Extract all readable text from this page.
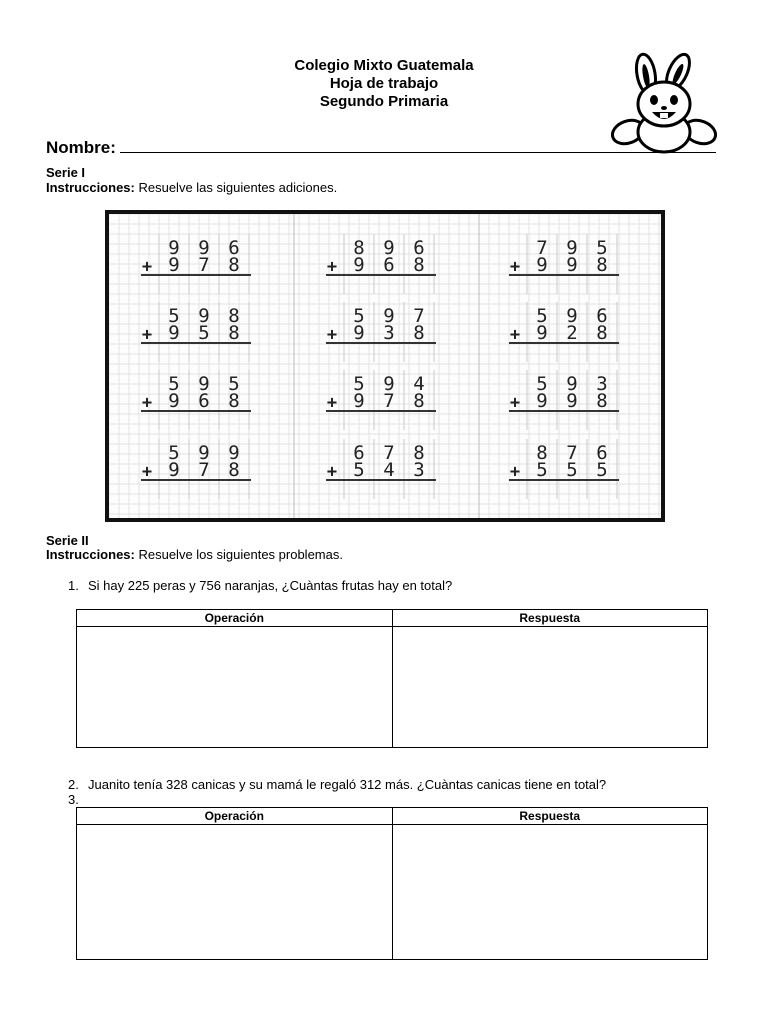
Colegio Mixto Guatemala
Hoja de trabajo
Segundo Primaria
Nombre:
Serie I
Instrucciones: Resuelve las siguientes adiciones.
9 9 6
+ 9 7 8
8 9 6
+ 9 6 8
7 9 5
+ 9 9 8
5 9 8
+ 9 5 8
5 9 7
+ 9 3 8
5 9 6
+ 9 2 8
5 9 5
+ 9 6 8
5 9 4
+ 9 7 8
5 9 3
+ 9 9 8
5 9 9
+ 9 7 8
6 7 8
+ 5 4 3
8 7 6
+ 5 5 5
Serie II
Instrucciones: Resuelve los siguientes problemas.
1. Si hay 225 peras y 756 naranjas, ¿Cuàntas frutas hay en total?
Operación	Respuesta

2. Juanito tenía 328 canicas y su mamá le regaló 312 más. ¿Cuàntas canicas tiene en total?
3.
Operación	Respuesta
